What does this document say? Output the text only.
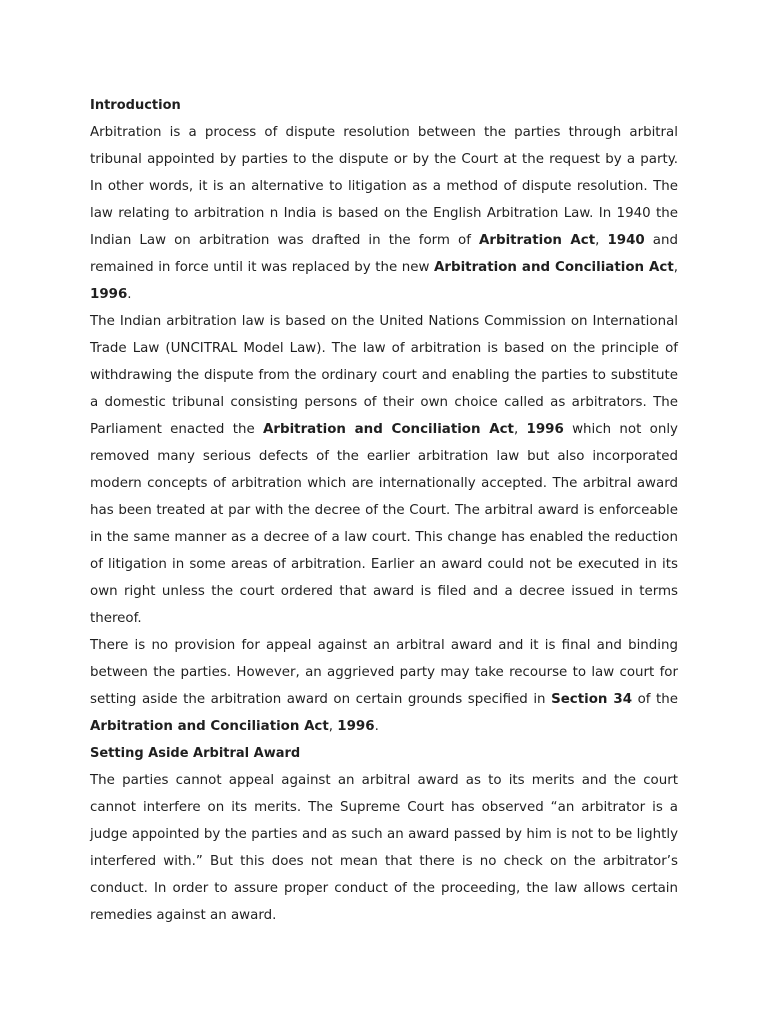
Introduction

Arbitration is a process of dispute resolution between the parties through arbitral tribunal appointed by parties to the dispute or by the Court at the request by a party. In other words, it is an alternative to litigation as a method of dispute resolution. The law relating to arbitration n India is based on the English Arbitration Law. In 1940 the Indian Law on arbitration was drafted in the form of Arbitration Act, 1940 and remained in force until it was replaced by the new Arbitration and Conciliation Act, 1996.

The Indian arbitration law is based on the United Nations Commission on International Trade Law (UNCITRAL Model Law). The law of arbitration is based on the principle of withdrawing the dispute from the ordinary court and enabling the parties to substitute a domestic tribunal consisting persons of their own choice called as arbitrators. The Parliament enacted the Arbitration and Conciliation Act, 1996 which not only removed many serious defects of the earlier arbitration law but also incorporated modern concepts of arbitration which are internationally accepted. The arbitral award has been treated at par with the decree of the Court. The arbitral award is enforceable in the same manner as a decree of a law court. This change has enabled the reduction of litigation in some areas of arbitration. Earlier an award could not be executed in its own right unless the court ordered that award is filed and a decree issued in terms thereof.

There is no provision for appeal against an arbitral award and it is final and binding between the parties. However, an aggrieved party may take recourse to law court for setting aside the arbitration award on certain grounds specified in Section 34 of the Arbitration and Conciliation Act, 1996.

Setting Aside Arbitral Award

The parties cannot appeal against an arbitral award as to its merits and the court cannot interfere on its merits. The Supreme Court has observed “an arbitrator is a judge appointed by the parties and as such an award passed by him is not to be lightly interfered with.” But this does not mean that there is no check on the arbitrator’s conduct. In order to assure proper conduct of the proceeding, the law allows certain remedies against an award.
